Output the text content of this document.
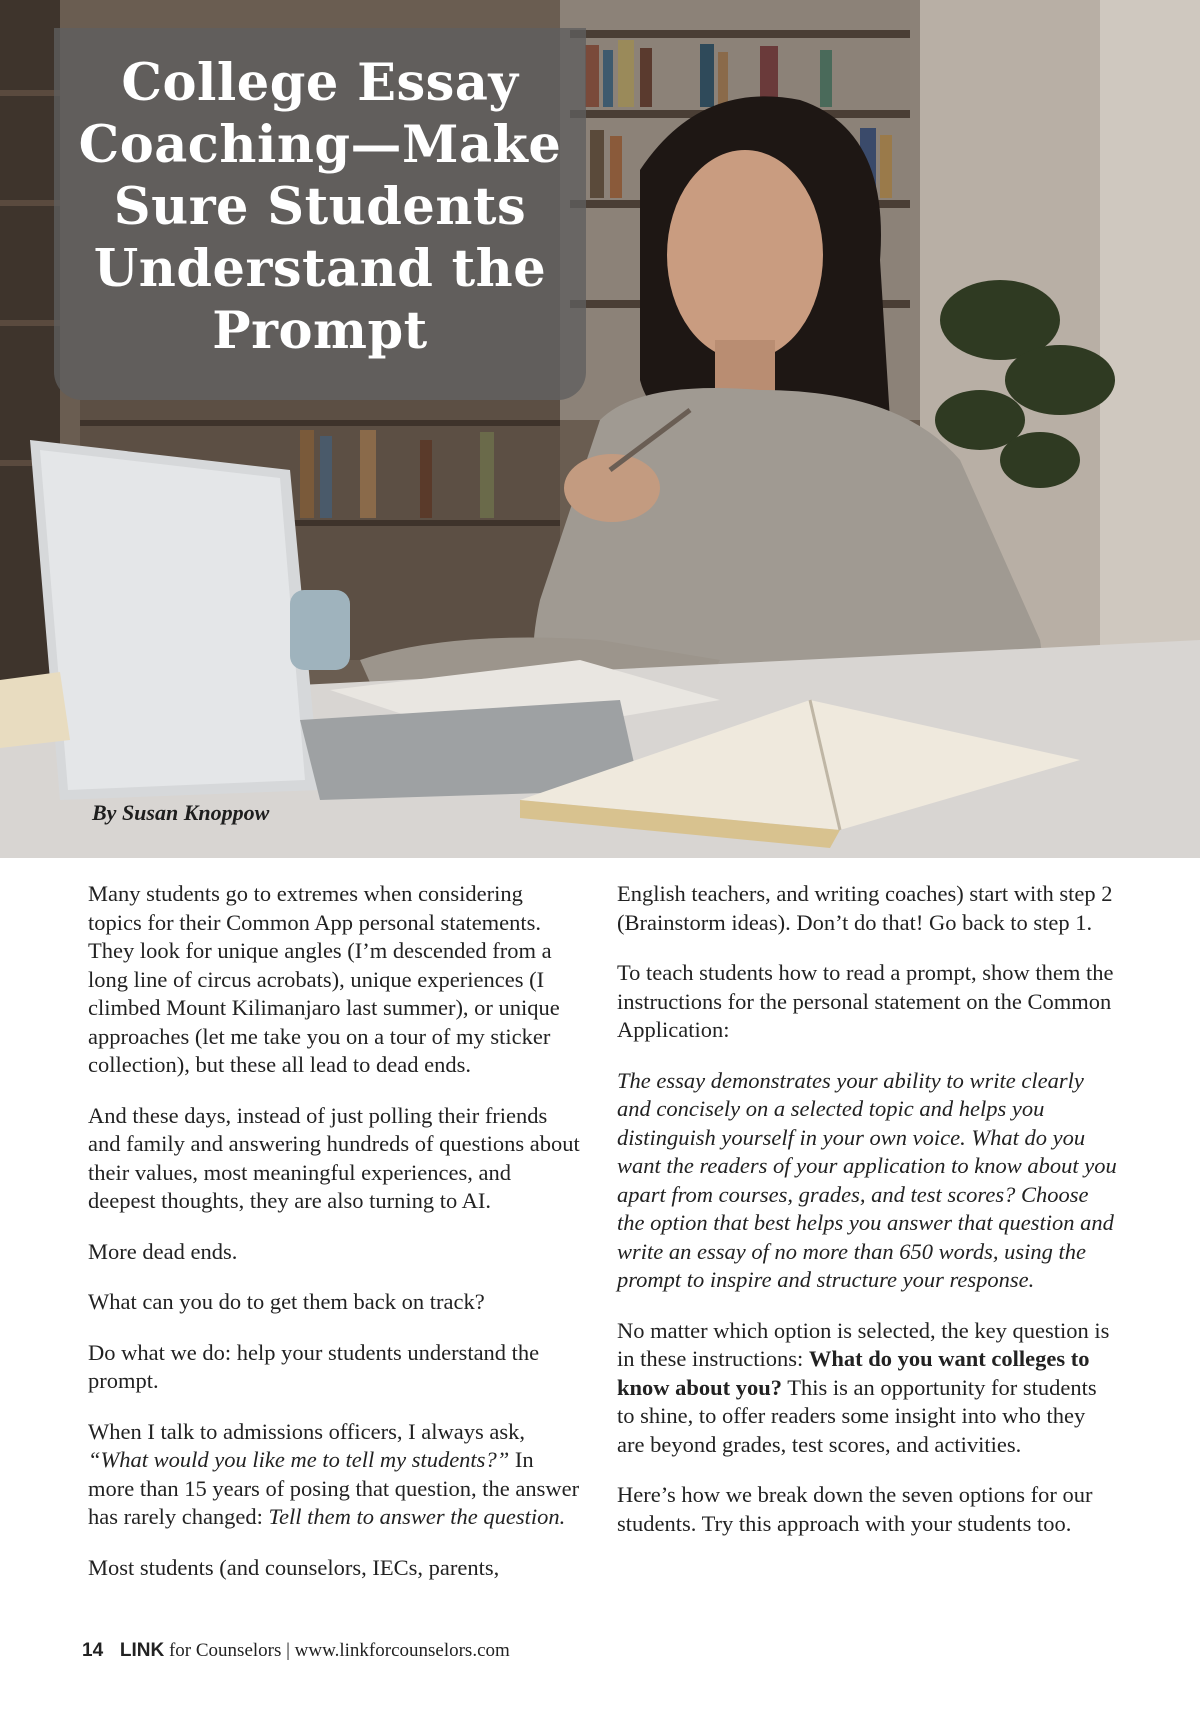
College Essay Coaching—Make Sure Students Understand the Prompt

By Susan Knoppow

Many students go to extremes when considering topics for their Common App personal statements. They look for unique angles (I’m descended from a long line of circus acrobats), unique experiences (I climbed Mount Kilimanjaro last summer), or unique approaches (let me take you on a tour of my sticker collection), but these all lead to dead ends.

And these days, instead of just polling their friends and family and answering hundreds of questions about their values, most meaningful experiences, and deepest thoughts, they are also turning to AI.

More dead ends.

What can you do to get them back on track?

Do what we do: help your students understand the prompt.

When I talk to admissions officers, I always ask, “What would you like me to tell my students?” In more than 15 years of posing that question, the answer has rarely changed: Tell them to answer the question.

Most students (and counselors, IECs, parents,

English teachers, and writing coaches) start with step 2 (Brainstorm ideas). Don’t do that! Go back to step 1.

To teach students how to read a prompt, show them the instructions for the personal statement on the Common Application:

The essay demonstrates your ability to write clearly and concisely on a selected topic and helps you distinguish yourself in your own voice. What do you want the readers of your application to know about you apart from courses, grades, and test scores? Choose the option that best helps you answer that question and write an essay of no more than 650 words, using the prompt to inspire and structure your response.

No matter which option is selected, the key question is in these instructions: What do you want colleges to know about you? This is an opportunity for students to shine, to offer readers some insight into who they are beyond grades, test scores, and activities.

Here’s how we break down the seven options for our students. Try this approach with your students too.

14 LINK for Counselors | www.linkforcounselors.com
